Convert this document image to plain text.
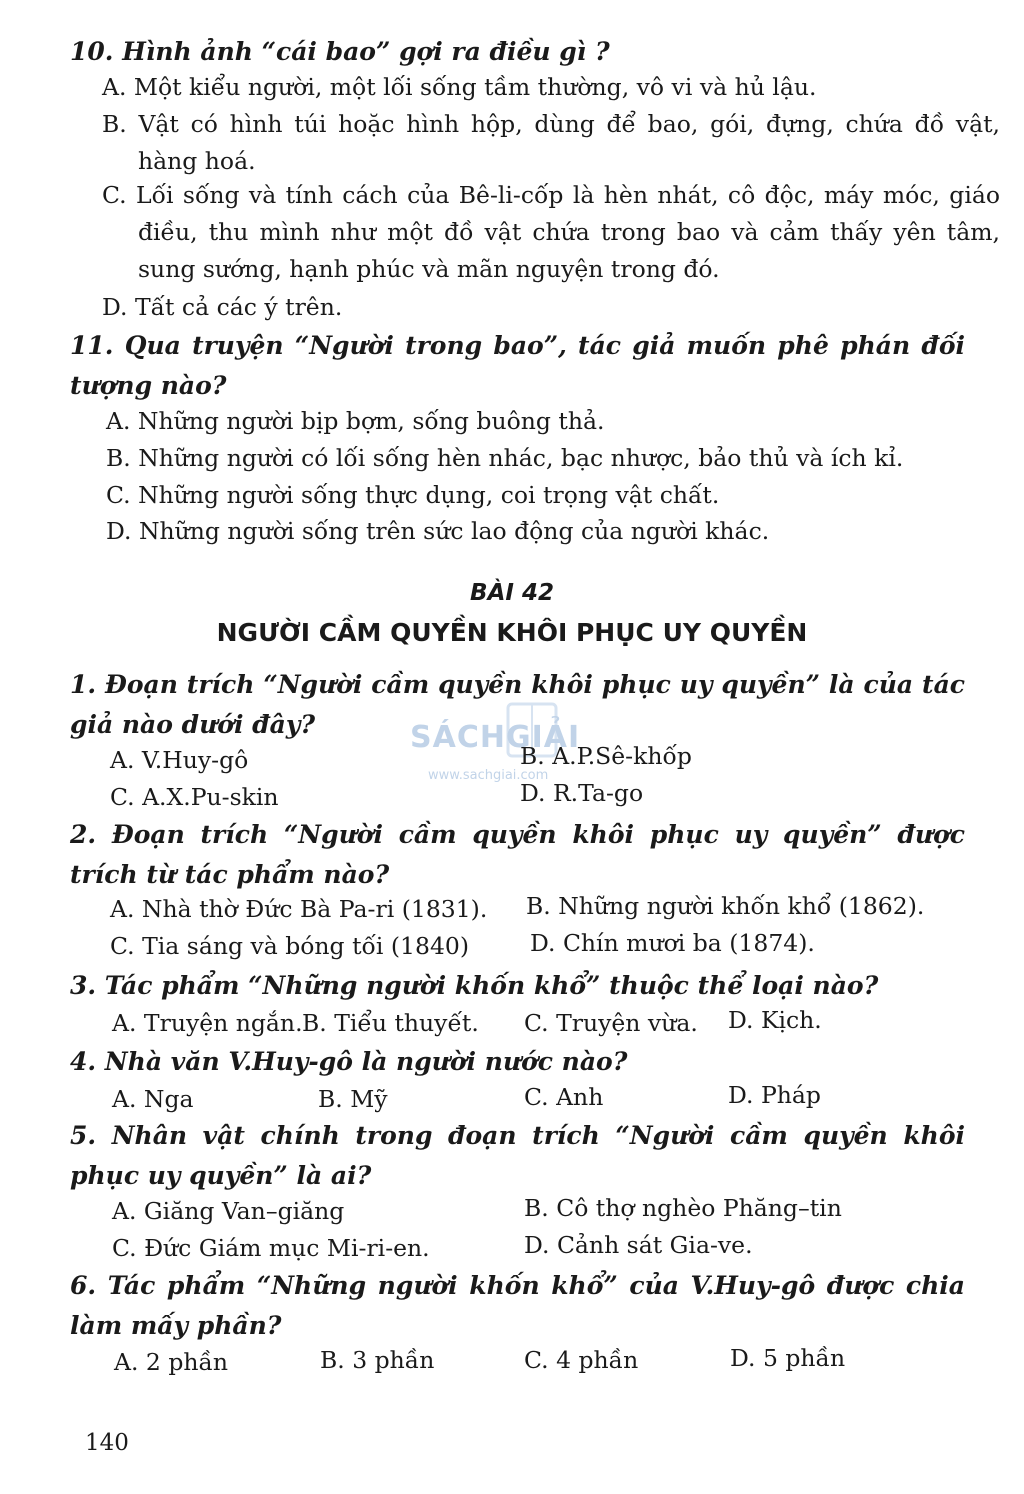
10. Hình ảnh “cái bao” gợi ra điều gì ?
A. Một kiểu người, một lối sống tầm thường, vô vi và hủ lậu.
B. Vật có hình túi hoặc hình hộp, dùng để bao, gói, đựng, chứa đồ vật, hàng hoá.
C. Lối sống và tính cách của Bê-li-cốp là hèn nhát, cô độc, máy móc, giáo điều, thu mình như một đồ vật chứa trong bao và cảm thấy yên tâm, sung sướng, hạnh phúc và mãn nguyện trong đó.
D. Tất cả các ý trên.
11. Qua truyện “Người trong bao”, tác giả muốn phê phán đối tượng nào?
A. Những người bịp bợm, sống buông thả.
B. Những người có lối sống hèn nhác, bạc nhược, bảo thủ và ích kỉ.
C. Những người sống thực dụng, coi trọng vật chất.
D. Những người sống trên sức lao động của người khác.
BÀI 42
NGƯỜI CẦM QUYỀN KHÔI PHỤC UY QUYỀN
SÁCHGIẢI
www.sachgiai.com
1. Đoạn trích “Người cầm quyền khôi phục uy quyền” là của tác giả nào dưới đây?
A. V.Huy-gô	B. A.P.Sê-khốp
C. A.X.Pu-skin	D. R.Ta-go
2. Đoạn trích “Người cầm quyền khôi phục uy quyền” được trích từ tác phẩm nào?
A. Nhà thờ Đức Bà Pa-ri (1831). B. Những người khốn khổ (1862).
C. Tia sáng và bóng tối (1840)	D. Chín mươi ba (1874).
3. Tác phẩm “Những người khốn khổ” thuộc thể loại nào?
A. Truyện ngắn. B. Tiểu thuyết. C. Truyện vừa. D. Kịch.
4. Nhà văn V.Huy-gô là người nước nào?
A. Nga	B. Mỹ	C. Anh	D. Pháp
5. Nhân vật chính trong đoạn trích “Người cầm quyền khôi phục uy quyền” là ai?
A. Giăng Van–giăng	B. Cô thợ nghèo Phăng–tin
C. Đức Giám mục Mi-ri-en.	D. Cảnh sát Gia-ve.
6. Tác phẩm “Những người khốn khổ” của V.Huy-gô được chia làm mấy phần?
A. 2 phần	B. 3 phần	C. 4 phần	D. 5 phần
140
